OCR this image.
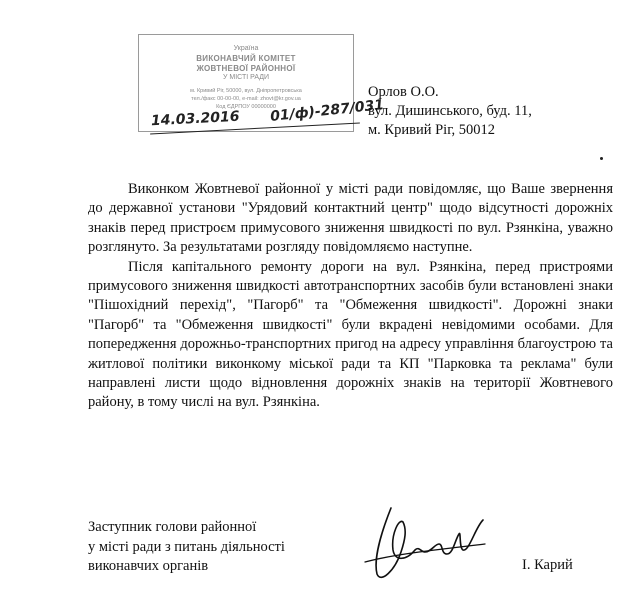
Україна
ВИКОНАВЧИЙ КОМІТЕТ
ЖОВТНЕВОЇ РАЙОННОЇ
У МІСТІ РАДИ
м. Кривий Ріг, 50000, вул. Дніпропетровська
тел./факс 00-00-00, e-mail: zhovt@kr.gov.ua
Код ЄДРПОУ 00000000
14.03.2016 01/ф)-287/031
Орлов О.О.
вул. Дишинського, буд. 11,
м. Кривий Ріг, 50012

Виконком Жовтневої районної у місті ради повідомляє, що Ваше звернення до державної установи "Урядовий контактний центр" щодо відсутності дорожніх знаків перед пристроєм примусового зниження швидкості по вул. Рзянкіна, уважно розглянуто. За результатами розгляду повідомляємо наступне.

Після капітального ремонту дороги на вул. Рзянкіна, перед пристроями примусового зниження швидкості автотранспортних засобів були встановлені знаки "Пішохідний перехід", "Пагорб" та "Обмеження швидкості". Дорожні знаки "Пагорб" та "Обмеження швидкості" були вкрадені невідомими особами. Для попередження дорожньо-транспортних пригод на адресу управління благоустрою та житлової політики виконкому міської ради та КП "Парковка та реклама" були направлені листи щодо відновлення дорожніх знаків на території Жовтневого району, в тому числі на вул. Рзянкіна.

Заступник голови районної
у місті ради з питань діяльності
виконавчих органів	І. Карий
